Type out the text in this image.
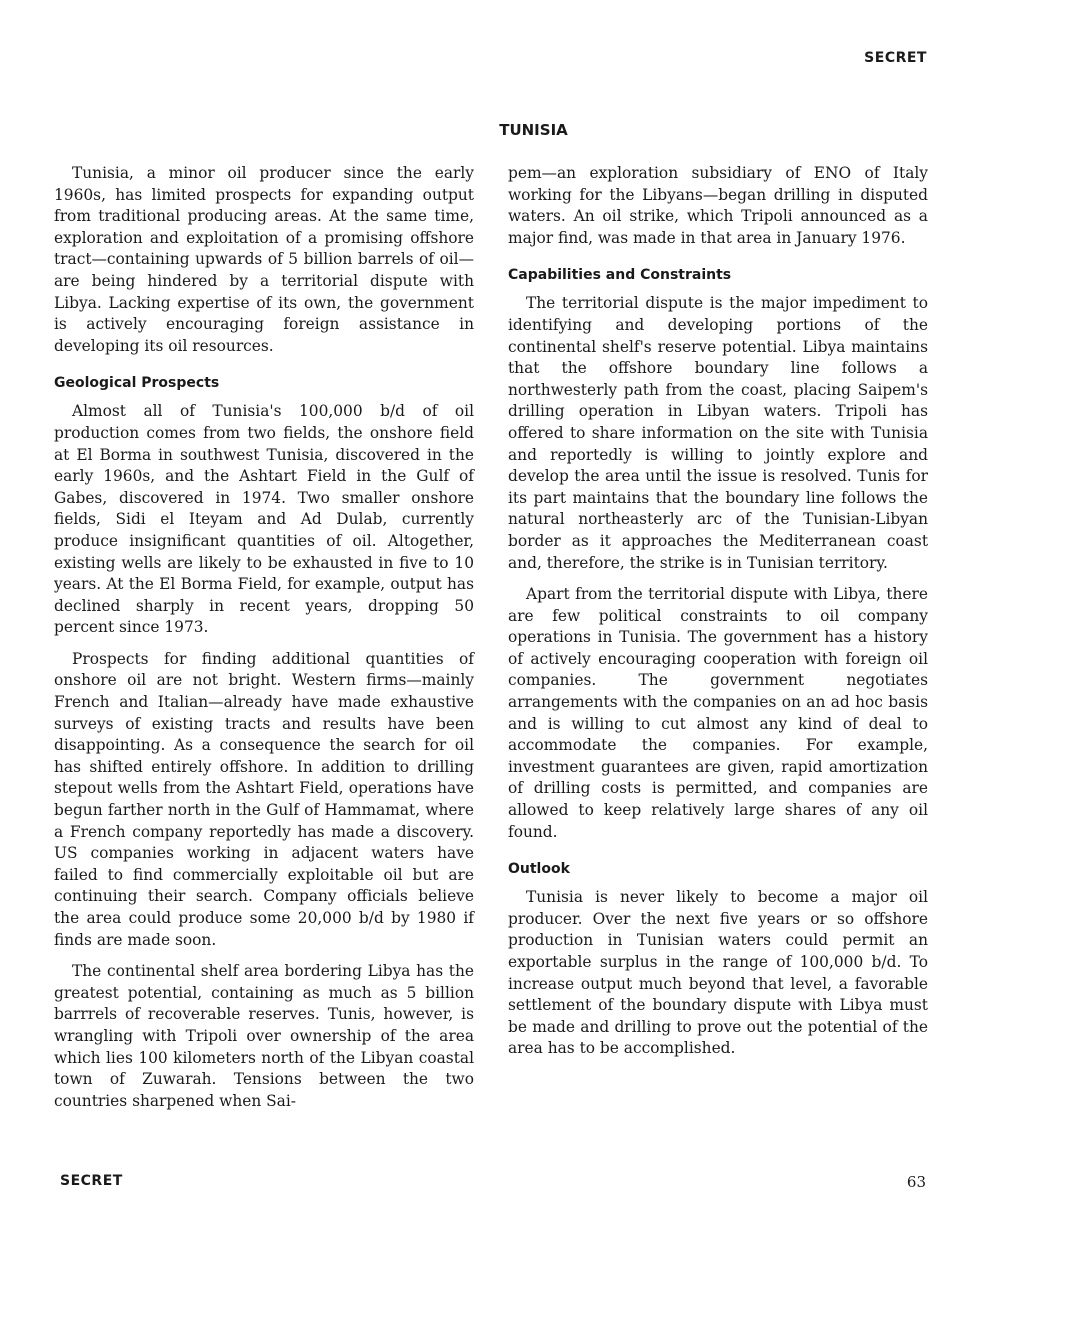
SECRET
TUNISIA

Tunisia, a minor oil producer since the early 1960s, has limited prospects for expanding output from traditional producing areas. At the same time, exploration and exploitation of a promising offshore tract—containing upwards of 5 billion barrels of oil—are being hindered by a territorial dispute with Libya. Lacking expertise of its own, the government is actively encouraging foreign assistance in developing its oil resources.

Geological Prospects

Almost all of Tunisia's 100,000 b/d of oil production comes from two fields, the onshore field at El Borma in southwest Tunisia, discovered in the early 1960s, and the Ashtart Field in the Gulf of Gabes, discovered in 1974. Two smaller onshore fields, Sidi el Iteyam and Ad Dulab, currently produce insignificant quantities of oil. Altogether, existing wells are likely to be exhausted in five to 10 years. At the El Borma Field, for example, output has declined sharply in recent years, dropping 50 percent since 1973.

Prospects for finding additional quantities of onshore oil are not bright. Western firms—mainly French and Italian—already have made exhaustive surveys of existing tracts and results have been disappointing. As a consequence the search for oil has shifted entirely offshore. In addition to drilling stepout wells from the Ashtart Field, operations have begun farther north in the Gulf of Hammamat, where a French company reportedly has made a discovery. US companies working in adjacent waters have failed to find commercially exploitable oil but are continuing their search. Company officials believe the area could produce some 20,000 b/d by 1980 if finds are made soon.

The continental shelf area bordering Libya has the greatest potential, containing as much as 5 billion barrrels of recoverable reserves. Tunis, however, is wrangling with Tripoli over ownership of the area which lies 100 kilometers north of the Libyan coastal town of Zuwarah. Tensions between the two countries sharpened when Sai-

pem—an exploration subsidiary of ENO of Italy working for the Libyans—began drilling in disputed waters. An oil strike, which Tripoli announced as a major find, was made in that area in January 1976.

Capabilities and Constraints

The territorial dispute is the major impediment to identifying and developing portions of the continental shelf's reserve potential. Libya maintains that the offshore boundary line follows a northwesterly path from the coast, placing Saipem's drilling operation in Libyan waters. Tripoli has offered to share information on the site with Tunisia and reportedly is willing to jointly explore and develop the area until the issue is resolved. Tunis for its part maintains that the boundary line follows the natural northeasterly arc of the Tunisian-Libyan border as it approaches the Mediterranean coast and, therefore, the strike is in Tunisian territory.

Apart from the territorial dispute with Libya, there are few political constraints to oil company operations in Tunisia. The government has a history of actively encouraging cooperation with foreign oil companies. The government negotiates arrangements with the companies on an ad hoc basis and is willing to cut almost any kind of deal to accommodate the companies. For example, investment guarantees are given, rapid amortization of drilling costs is permitted, and companies are allowed to keep relatively large shares of any oil found.

Outlook

Tunisia is never likely to become a major oil producer. Over the next five years or so offshore production in Tunisian waters could permit an exportable surplus in the range of 100,000 b/d. To increase output much beyond that level, a favorable settlement of the boundary dispute with Libya must be made and drilling to prove out the potential of the area has to be accomplished.

SECRET	63
